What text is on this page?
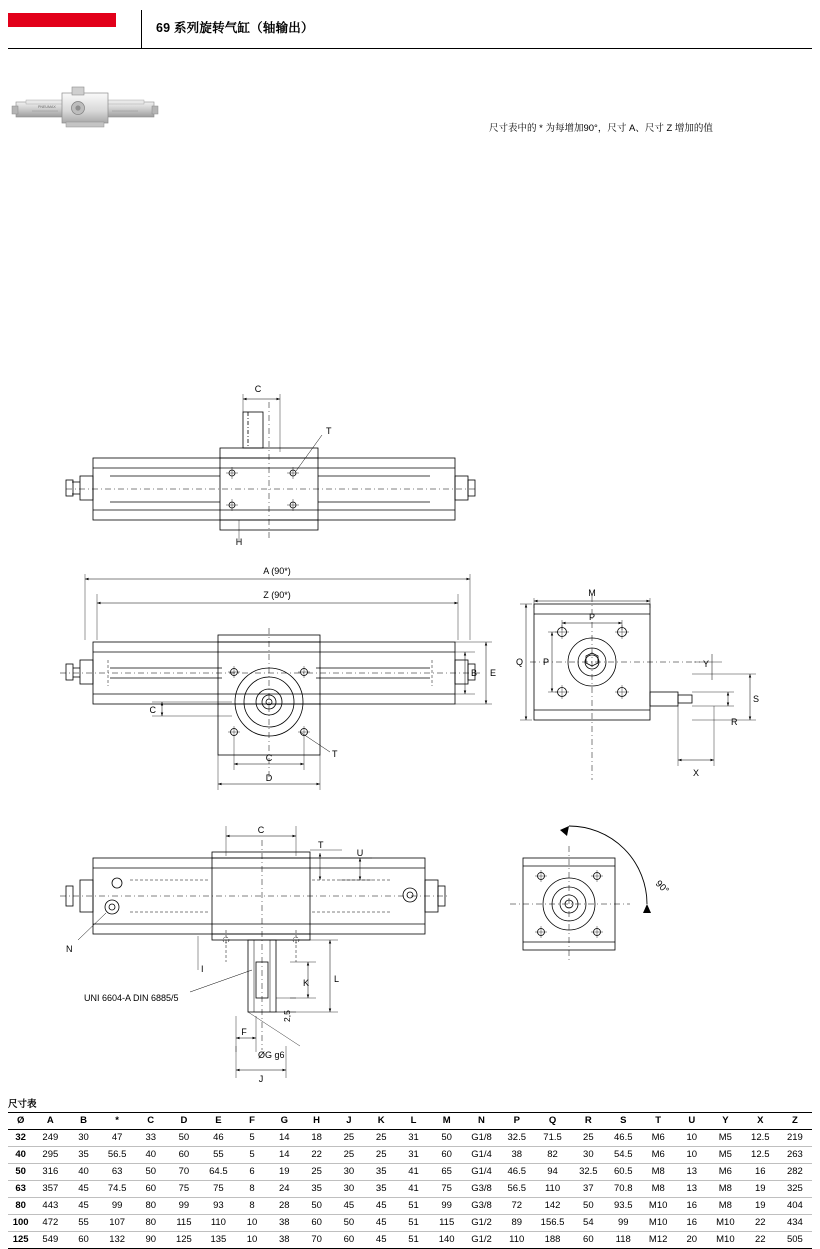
69 系列旋转气缸（轴输出）
PNEUMAX
尺寸表中的 * 为每增加90°，尺寸 A、尺寸 Z 增加的值
C
T
H
A (90*)
Z (90*)
B E
C
T
C
D
M
P
P
Q	Y
S
R
X
C
T
U
N
UNI 6604-A DIN 6885/5
I
K	L
2,5
F
ØG g6
J
90°
尺寸表
Ø	A	B	*	C	D	E	F	G	H	J	K	L	M	N	P	Q	R	S	T	U	Y	X	Z
32	249	30	47	33	50	46	5	14	18	25	25	31	50	G1/8	32.5	71.5	25	46.5	M6	10	M5	12.5	219
40	295	35	56.5	40	60	55	5	14	22	25	25	31	60	G1/4	38	82	30	54.5	M6	10	M5	12.5	263
50	316	40	63	50	70	64.5	6	19	25	30	35	41	65	G1/4	46.5	94	32.5	60.5	M8	13	M6	16	282
63	357	45	74.5	60	75	75	8	24	35	30	35	41	75	G3/8	56.5	110	37	70.8	M8	13	M8	19	325
80	443	45	99	80	99	93	8	28	50	45	45	51	99	G3/8	72	142	50	93.5	M10	16	M8	19	404
100	472	55	107	80	115	110	10	38	60	50	45	51	115	G1/2	89	156.5	54	99	M10	16	M10	22	434
125	549	60	132	90	125	135	10	38	70	60	45	51	140	G1/2	110	188	60	118	M12	20	M10	22	505
